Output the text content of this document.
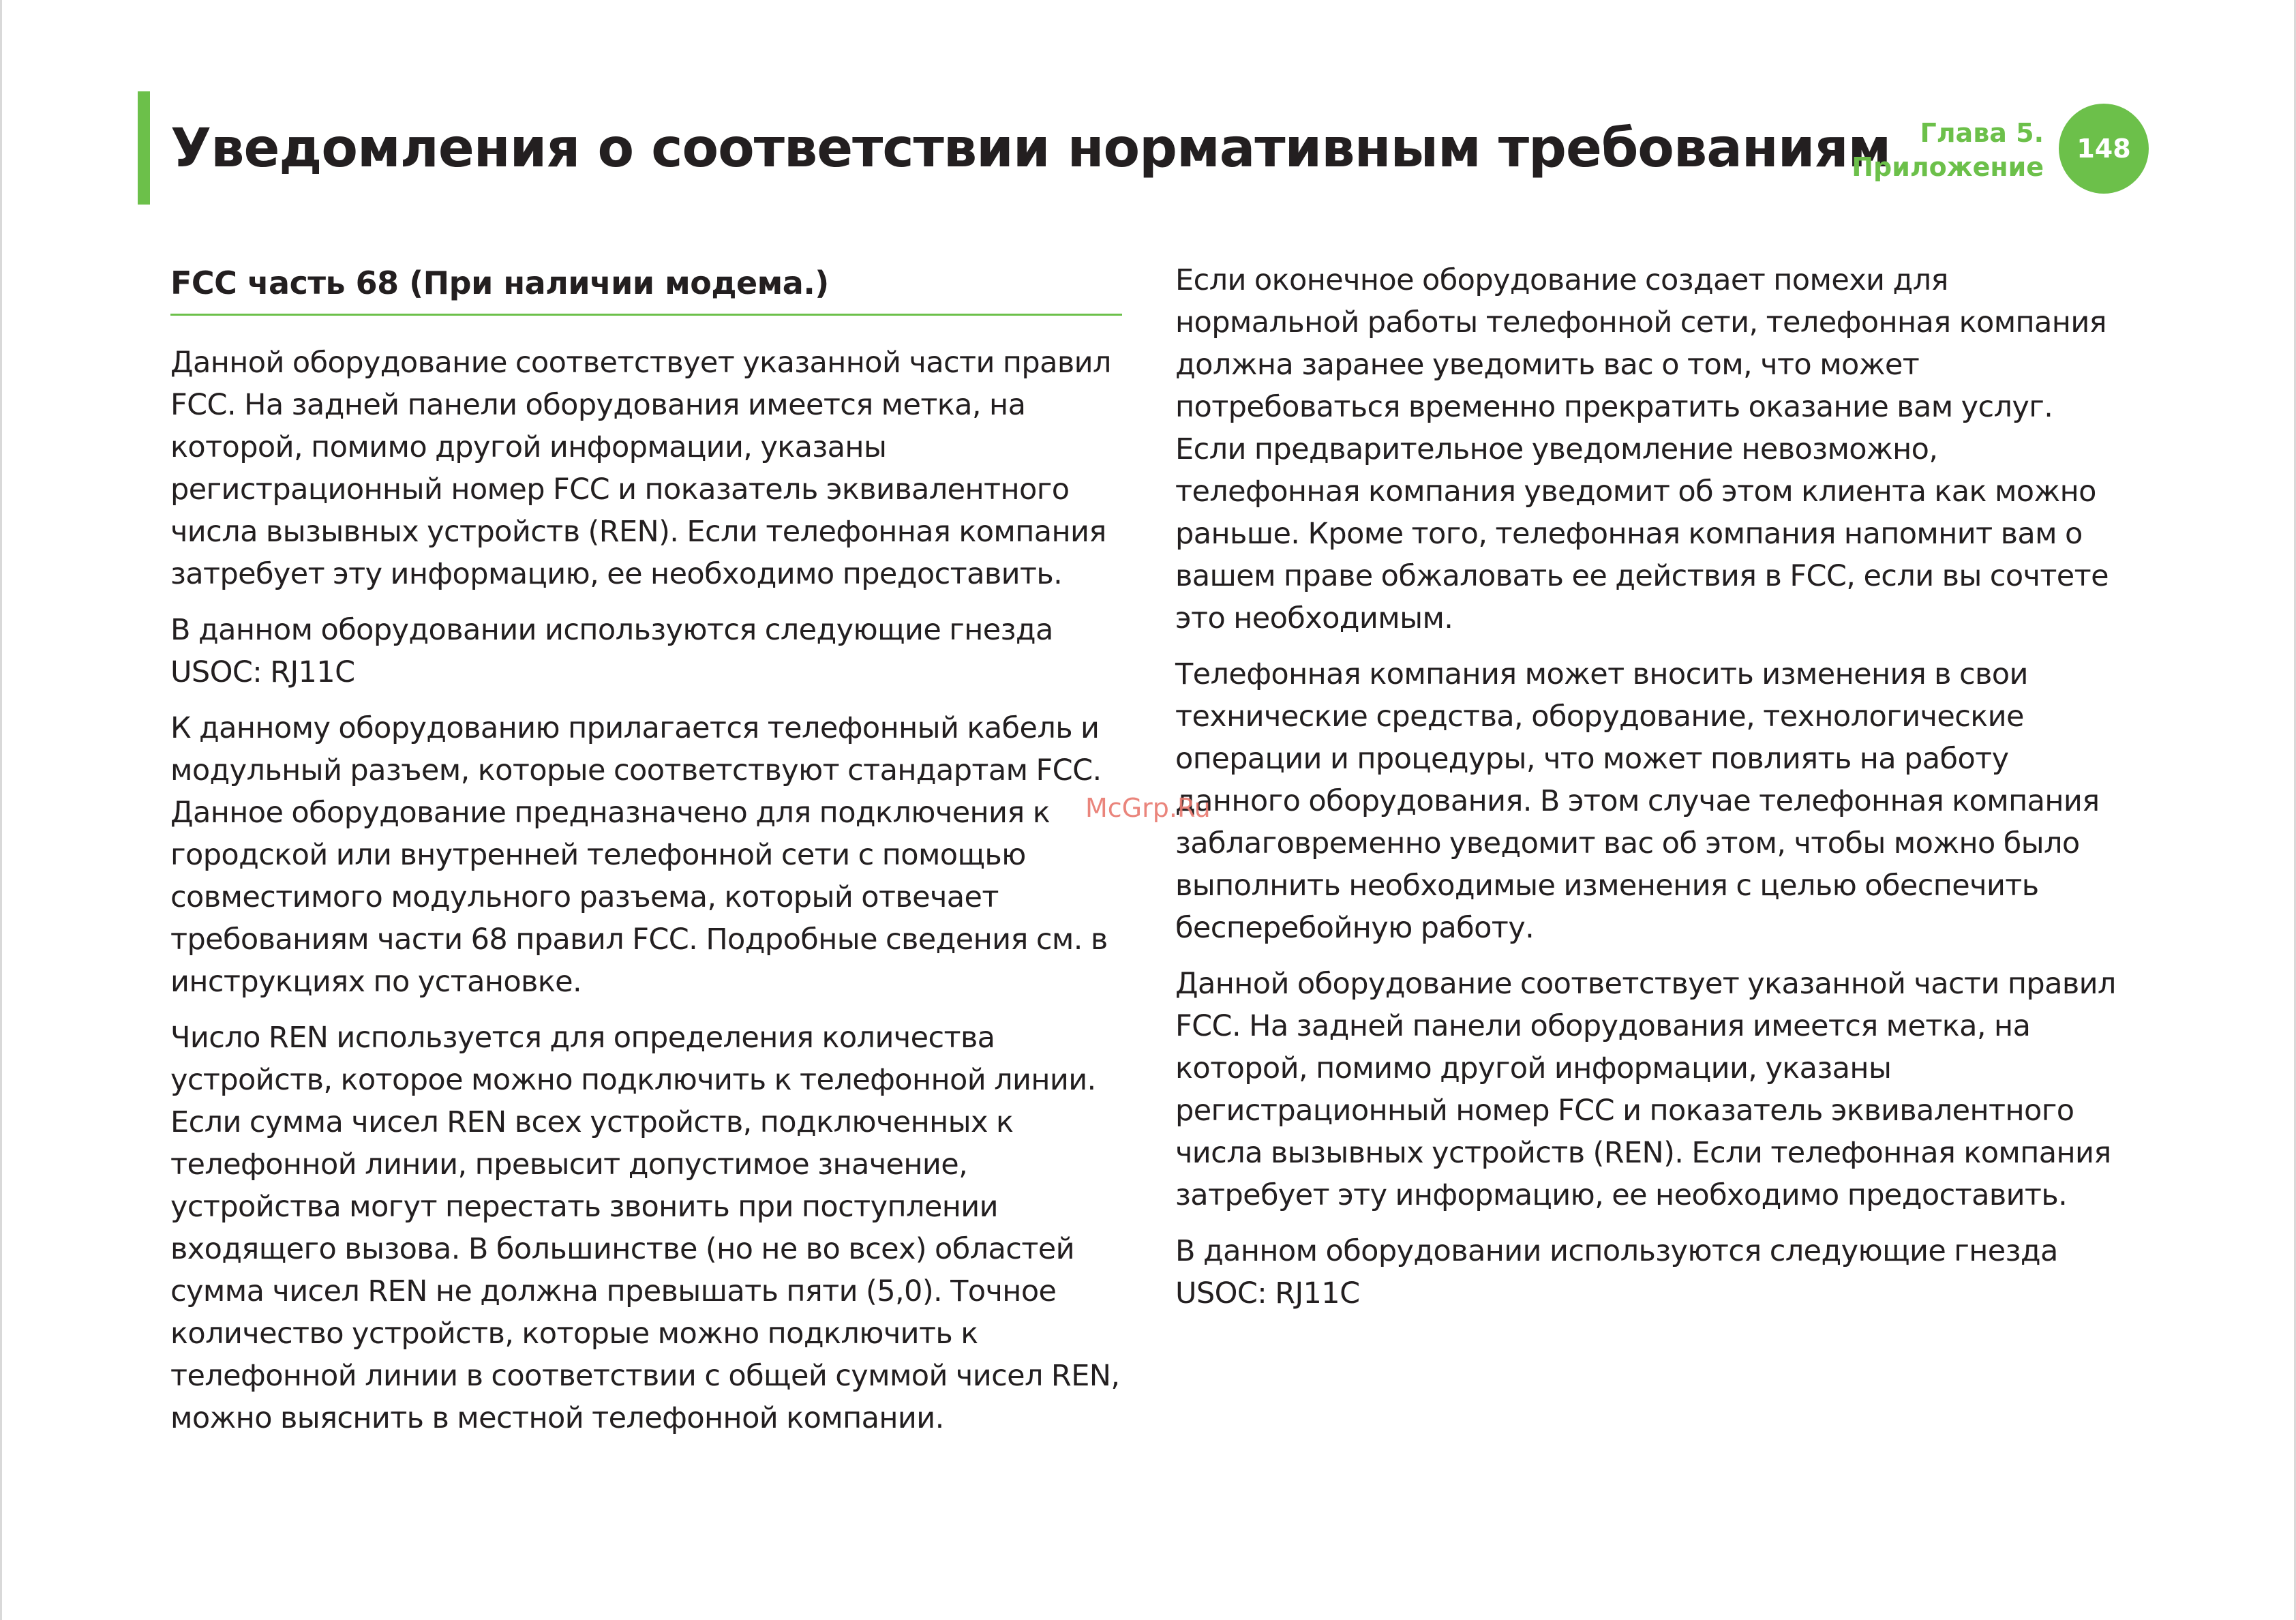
Уведомления о соответствии нормативным требованиям	Глава 5.
Приложение
148
FCC часть 68 (При наличии модема.)

Данной оборудование соответствует указанной части правил FCC. На задней панели оборудования имеется метка, на которой, помимо другой информации, указаны регистрационный номер FCC и показатель эквивалентного числа вызывных устройств (REN). Если телефонная компания затребует эту информацию, ее необходимо предоставить.

В данном оборудовании используются следующие гнезда USOC: RJ11C

К данному оборудованию прилагается телефонный кабель и модульный разъем, которые соответствуют стандартам FCC. Данное оборудование предназначено для подключения к городской или внутренней телефонной сети с помощью совместимого модульного разъема, который отвечает требованиям части 68 правил FCC. Подробные сведения см. в инструкциях по установке.

Число REN используется для определения количества устройств, которое можно подключить к телефонной линии. Если сумма чисел REN всех устройств, подключенных к телефонной линии, превысит допустимое значение, устройства могут перестать звонить при поступлении входящего вызова. В большинстве (но не во всех) областей сумма чисел REN не должна превышать пяти (5,0). Точное количество устройств, которые можно подключить к телефонной линии в соответствии с общей суммой чисел REN, можно выяснить в местной телефонной компании.

Если оконечное оборудование создает помехи для нормальной работы телефонной сети, телефонная компания должна заранее уведомить вас о том, что может потребоваться временно прекратить оказание вам услуг. Если предварительное уведомление невозможно, телефонная компания уведомит об этом клиента как можно раньше. Кроме того, телефонная компания напомнит вам о вашем праве обжаловать ее действия в FCC, если вы сочтете это необходимым.

Телефонная компания может вносить изменения в свои технические средства, оборудование, технологические операции и процедуры, что может повлиять на работу данного оборудования. В этом случае телефонная компания заблаговременно уведомит вас об этом, чтобы можно было выполнить необходимые изменения с целью обеспечить бесперебойную работу.

Данной оборудование соответствует указанной части правил FCC. На задней панели оборудования имеется метка, на которой, помимо другой информации, указаны регистрационный номер FCC и показатель эквивалентного числа вызывных устройств (REN). Если телефонная компания затребует эту информацию, ее необходимо предоставить.

В данном оборудовании используются следующие гнезда USOC: RJ11C

McGrp.Ru
